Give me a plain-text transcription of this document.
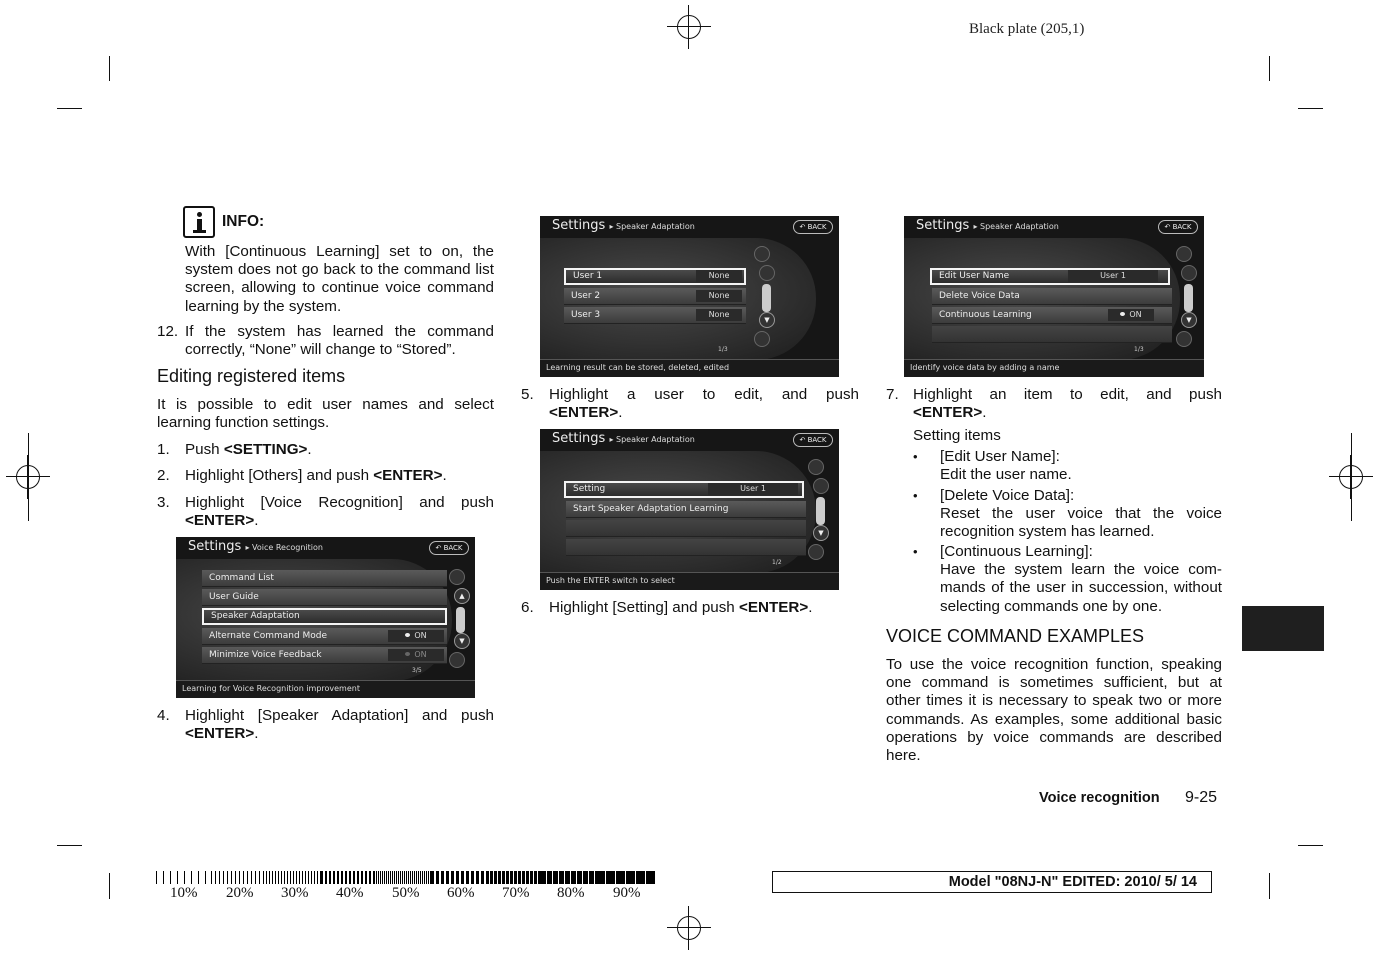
Black plate (205,1)
INFO:
With [Continuous Learning] set to on, the system does not go back to the command list screen, allowing to continue voice command learning by the system.
12. If the system has learned the command correctly, “None” will change to “Stored”.
Editing registered items
It is possible to edit user names and select learning function settings.
1. Push <SETTING>.
2. Highlight [Others] and push <ENTER>.
3. Highlight [Voice Recognition] and push
<ENTER>.
Settings ▸ Voice Recognition	↶ BACK
Command List
User Guide
Speaker Adaptation
Alternate Command Mode	ON
Minimize Voice Feedback	ON
▲
▼
3/5
Learning for Voice Recognition improvement
4. Highlight [Speaker Adaptation] and push
<ENTER>.
Settings ▸ Speaker Adaptation	↶ BACK
User 1	None
User 2	None
User 3	None
▼
1/3
Learning result can be stored, deleted, edited
5. Highlight a user to edit, and push
<ENTER>.
Settings ▸ Speaker Adaptation	↶ BACK
Setting	User 1
Start Speaker Adaptation Learning
▼
1/2
Push the ENTER switch to select
6. Highlight [Setting] and push <ENTER>.
Settings ▸ Speaker Adaptation	↶ BACK
Edit User Name	User 1
Delete Voice Data
Continuous Learning	ON
▼
1/3
Identify voice data by adding a name
7. Highlight an item to edit, and push
<ENTER>.
Setting items
• [Edit User Name]:
Edit the user name.
• [Delete Voice Data]:
Reset the user voice that the voice recognition system has learned.
• [Continuous Learning]:
Have the system learn the voice com-mands of the user in succession, without selecting commands one by one.
VOICE COMMAND EXAMPLES
To use the voice recognition function, speaking one command is sometimes sufficient, but at other times it is necessary to speak two or more commands. As examples, some additional basic operations by voice commands are described here.
Voice recognition 9-25
10% 20% 30% 40% 50% 60% 70% 80% 90%
Model "08NJ-N" EDITED: 2010/ 5/ 14
